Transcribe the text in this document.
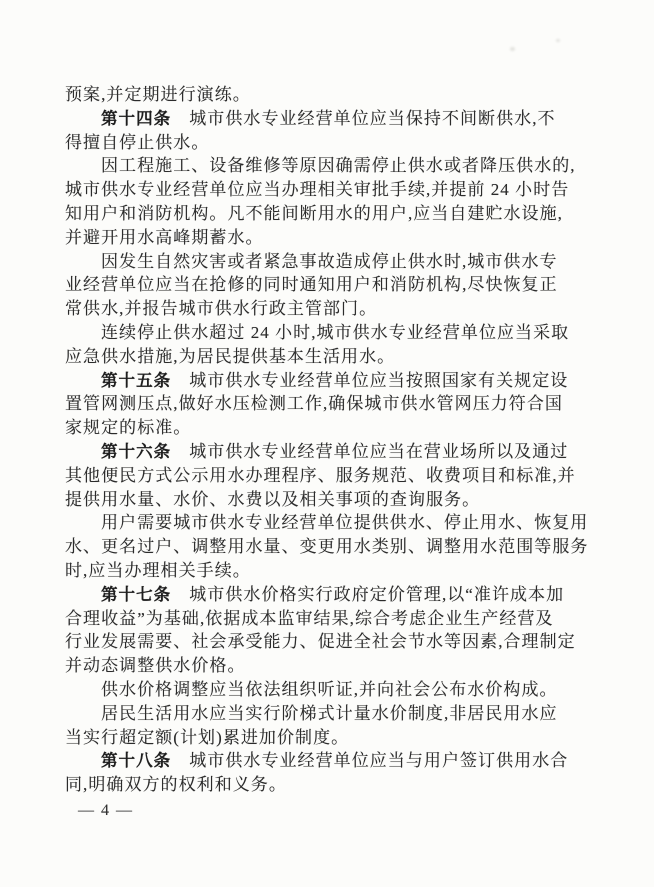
预案,并定期进行演练。
第十四条　城市供水专业经营单位应当保持不间断供水,不
得擅自停止供水。
因工程施工、设备维修等原因确需停止供水或者降压供水的,
城市供水专业经营单位应当办理相关审批手续,并提前 24 小时告
知用户和消防机构。凡不能间断用水的用户,应当自建贮水设施,
并避开用水高峰期蓄水。
因发生自然灾害或者紧急事故造成停止供水时,城市供水专
业经营单位应当在抢修的同时通知用户和消防机构,尽快恢复正
常供水,并报告城市供水行政主管部门。
连续停止供水超过 24 小时,城市供水专业经营单位应当采取
应急供水措施,为居民提供基本生活用水。
第十五条　城市供水专业经营单位应当按照国家有关规定设
置管网测压点,做好水压检测工作,确保城市供水管网压力符合国
家规定的标准。
第十六条　城市供水专业经营单位应当在营业场所以及通过
其他便民方式公示用水办理程序、服务规范、收费项目和标准,并
提供用水量、水价、水费以及相关事项的查询服务。
用户需要城市供水专业经营单位提供供水、停止用水、恢复用
水、更名过户、调整用水量、变更用水类别、调整用水范围等服务
时,应当办理相关手续。
第十七条　城市供水价格实行政府定价管理,以“准许成本加
合理收益”为基础,依据成本监审结果,综合考虑企业生产经营及
行业发展需要、社会承受能力、促进全社会节水等因素,合理制定
并动态调整供水价格。
供水价格调整应当依法组织听证,并向社会公布水价构成。
居民生活用水应当实行阶梯式计量水价制度,非居民用水应
当实行超定额(计划)累进加价制度。
第十八条　城市供水专业经营单位应当与用户签订供用水合
同,明确双方的权利和义务。
— 4 —
